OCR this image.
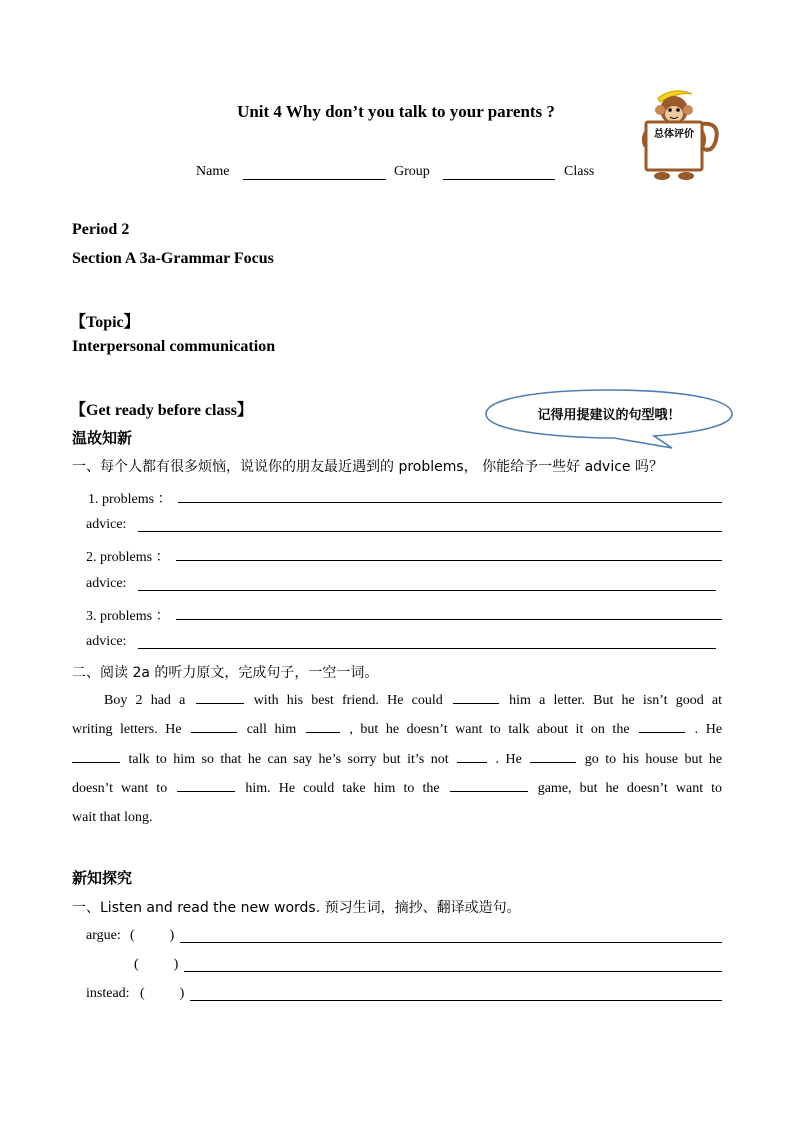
Unit 4 Why don’t you talk to your parents ?
Name	Group	Class
总体评价
Period 2
Section A 3a-Grammar Focus
【Topic】
Interpersonal communication
【Get ready before class】	记得用提建议的句型哦！
温故知新
一、每个人都有很多烦恼，说说你的朋友最近遇到的 problems， 你能给予一些好 advice 吗？
1. problems ：
advice:
2. problems ：
advice:
3. problems ：
advice:
二、阅读 2a 的听力原文，完成句子，一空一词。
Boy 2 had a	with his best friend. He could	him a letter. But he isn’t good at
writing letters. He	call him	, but he doesn’t want to talk about it on the	. He
talk to him so that he can say he’s sorry but it’s not	. He	go to his house but he
doesn’t want to	him. He could take him to the	game, but he doesn’t want to
wait that long.
新知探究
一、Listen and read the new words. 预习生词，摘抄、翻译或造句。
argue: (          )
(          )
instead: (          )
